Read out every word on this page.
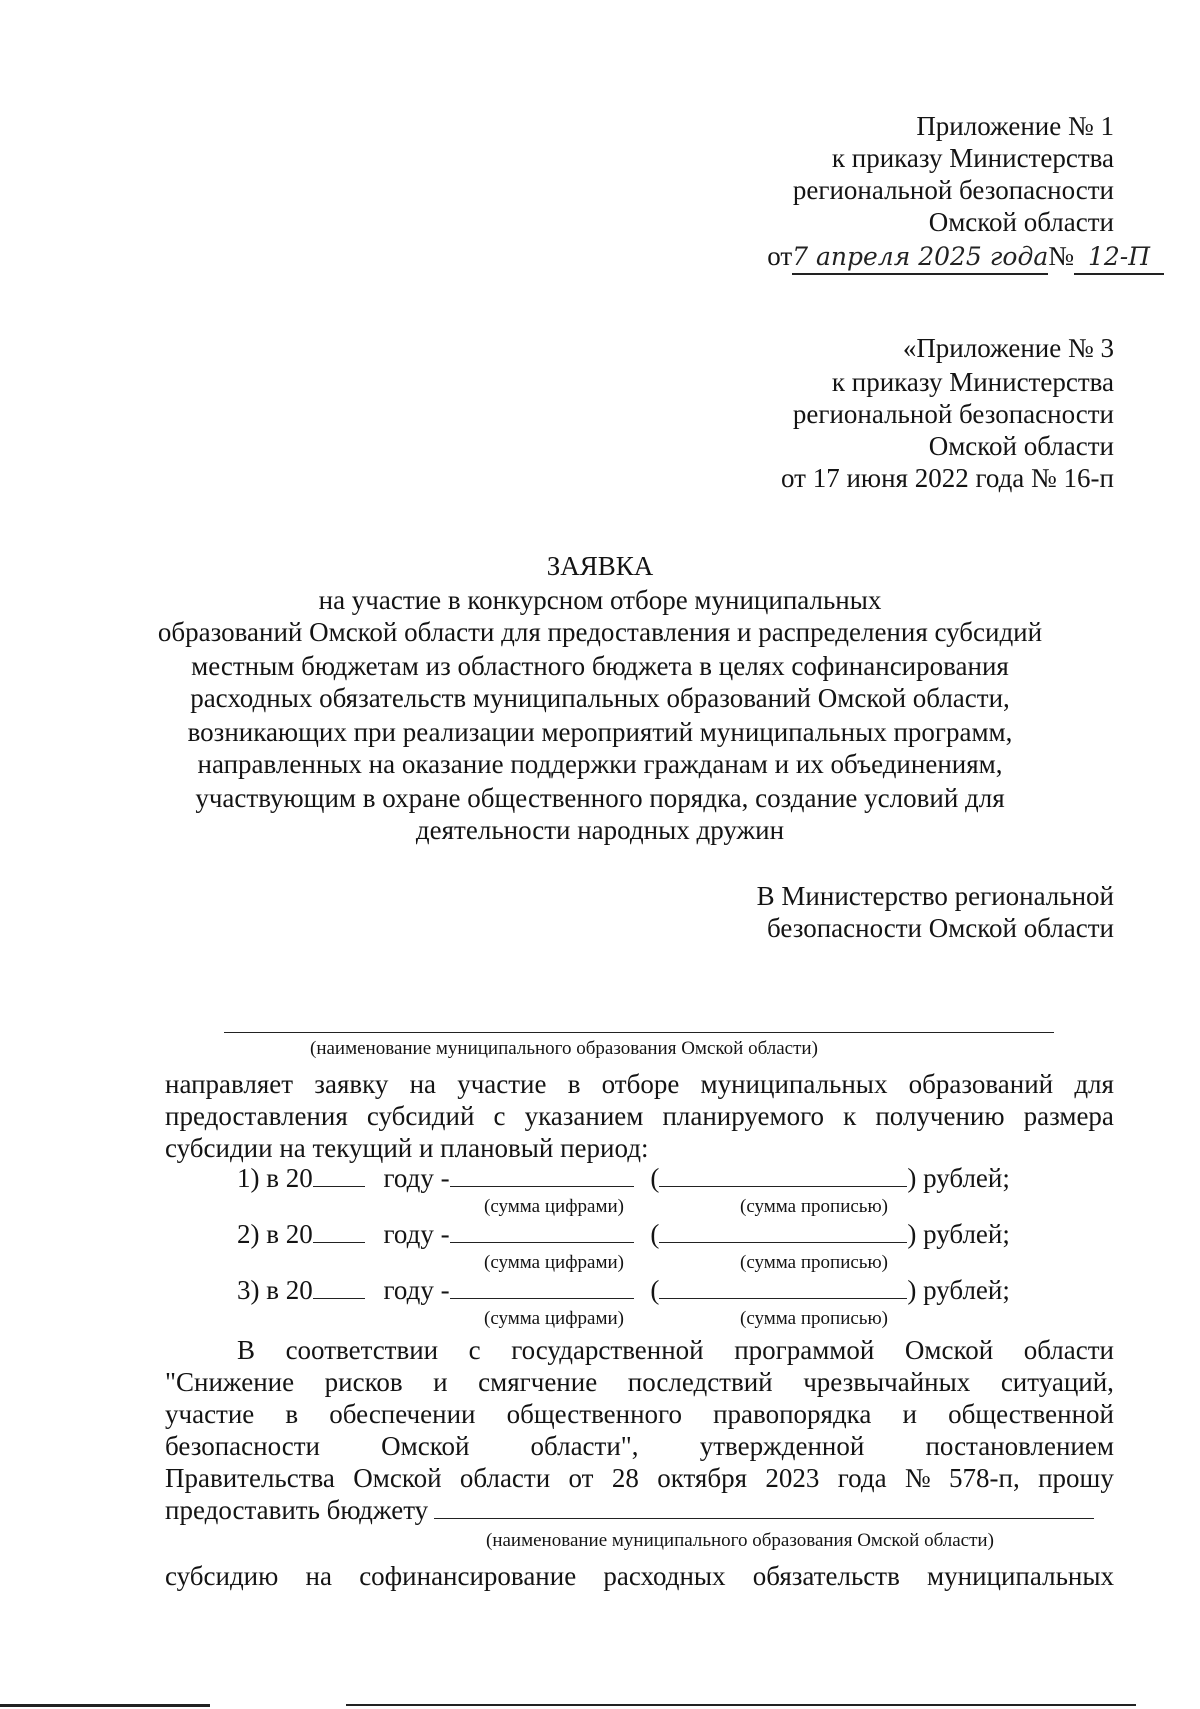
Приложение № 1
к приказу Министерства
региональной безопасности
Омской области
от7 апреля 2025 года№ 12-П
«Приложение № 3
к приказу Министерства
региональной безопасности
Омской области
от 17 июня 2022 года № 16-п
ЗАЯВКА
на участие в конкурсном отборе муниципальных
образований Омской области для предоставления и распределения субсидий
местным бюджетам из областного бюджета в целях софинансирования
расходных обязательств муниципальных образований Омской области,
возникающих при реализации мероприятий муниципальных программ,
направленных на оказание поддержки гражданам и их объединениям,
участвующим в охране общественного порядка, создание условий для
деятельности народных дружин
В Министерство региональной
безопасности Омской области
(наименование муниципального образования Омской области)
направляет заявку на участие в отборе муниципальных образований для
предоставления субсидий с указанием планируемого к получению размера
субсидии на текущий и плановый период:
1) в 20	году -	(	) рублей;
(сумма цифрами)	(сумма прописью)
2) в 20	году -	(	) рублей;
(сумма цифрами)	(сумма прописью)
3) в 20	году -	(	) рублей;
(сумма цифрами)	(сумма прописью)
В соответствии с государственной программой Омской области
"Снижение рисков и смягчение последствий чрезвычайных ситуаций,
участие в обеспечении общественного правопорядка и общественной
безопасности Омской области", утвержденной постановлением
Правительства Омской области от 28 октября 2023 года № 578-п, прошу
предоставить бюджету
(наименование муниципального образования Омской области)
субсидию на софинансирование расходных обязательств муниципальных
